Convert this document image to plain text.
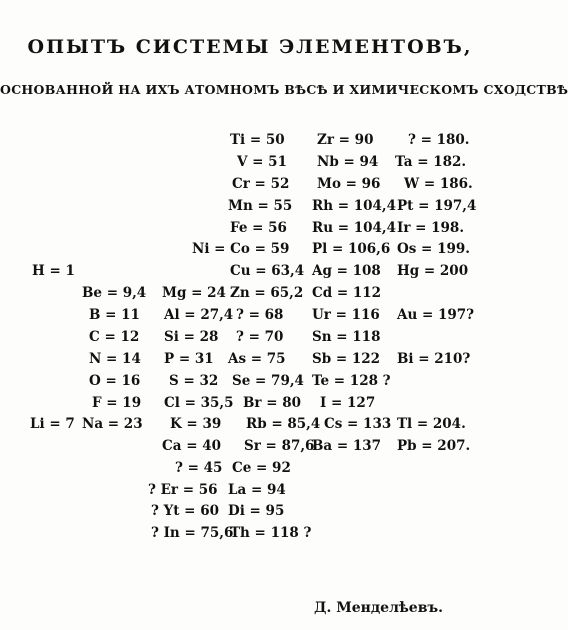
ОПЫТЪ СИСТЕМЫ ЭЛЕМЕНТОВЪ,
ОСНОВАННОЙ НА ИХЪ АТОМНОМЪ ВѢСѢ И ХИМИЧЕСКОМЪ СХОДСТВѢ
Ti = 50 Zr = 90	? = 180.
V = 51 Nb = 94 Ta = 182.
Cr = 52 Mo = 96 W = 186.
Mn = 55 Rh = 104,4 Pt = 197,4
Fe = 56 Ru = 104,4 Ir = 198.
Ni = Co = 59 Pl = 106,6 Os = 199.
H = 1	Cu = 63,4 Ag = 108 Hg = 200
Be = 9,4 Mg = 24 Zn = 65,2 Cd = 112
B = 11 Al = 27,4 ? = 68 Ur = 116 Au = 197?
C = 12 Si = 28 ? = 70 Sn = 118
N = 14 P = 31 As = 75 Sb = 122 Bi = 210?
O = 16 S = 32 Se = 79,4 Te = 128 ?
F = 19 Cl = 35,5 Br = 80 I = 127
Li = 7 Na = 23 K = 39 Rb = 85,4 Cs = 133 Tl = 204.
Ca = 40 Sr = 87,6
Ba = 137 Pb = 207.
? = 45 Ce = 92
? Er = 56 La = 94
? Yt = 60 Di = 95
? In = 75,6
Th = 118 ?
Д. Менделѣевъ.
